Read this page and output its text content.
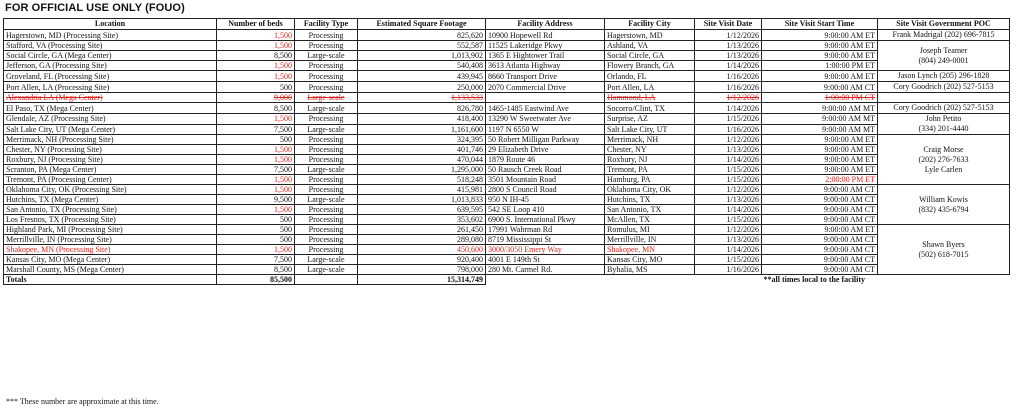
FOR OFFICIAL USE ONLY (FOUO)
Location	Number of beds	Facility Type	Estimated Square Footage	Facility Address	Facility City	Site Visit Date	Site Visit Start Time	Site Visit Government POC
Hagerstown, MD (Processing Site)	1,500	Processing	825,620	10900 Hopewell Rd	Hagerstown, MD	1/12/2026	9:00:00 AM ET	Frank Madrigal (202) 696-7815

Stafford, VA (Processing Site)	1,500	Processing	552,587	11525 Lakeridge Pkwy	Ashland, VA	1/13/2026	9:00:00 AM ET	Joseph Teamer
(804) 249-0001

Social Circle, GA (Mega Center)	8,500	Large-scale	1,013,902	1365 E Hightower Trail	Social Circle, GA	1/13/2026	9:00:00 AM ET	
Jefferson, GA (Processing Site)	1,500	Processing	540,408	3613 Atlanta Highway	Flowery Branch, GA	1/14/2026	1:00:00 PM ET	
Groveland, FL (Processing Site)	1,500	Processing	439,945	8660 Transport Drive	Orlando, FL	1/16/2026	9:00:00 AM ET	Jason Lynch (205) 296-1828

Port Allen, LA (Processing Site)	500	Processing	250,000	2070 Commercial Drive	Port Allen, LA	1/16/2026	9:00:00 AM CT	Cory Goodrich (202) 527-5153

Alexandria LA (Mega Center)	9,000	Large-scale	1,133,533		Hammond, LA	1/12/2026	1:00:00 PM CT	
El Paso, TX (Mega Center)	8,500	Large-scale	826,780	1465-1485 Eastwind Ave	Socorro/Clint, TX	1/14/2026	9:00:00 AM MT	Cory Goodrich (202) 527-5153

Glendale, AZ (Processing Site)	1,500	Processing	418,400	13290 W Sweetwater Ave	Surprise, AZ	1/15/2026	9:00:00 AM MT	John Petito
(334) 201-4440

Salt Lake City, UT (Mega Center)	7,500	Large-scale	1,161,600	1197 N 6550 W	Salt Lake City, UT	1/16/2026	9:00:00 AM MT	
Merrimack, NH (Processing Site)	500	Processing	324,395	50 Robert Milligan Parkway	Merrimack, NH	1/12/2026	9:00:00 AM ET	Craig Morse
(202) 276-7633
Lyle Carlen

Chester, NY (Processing Site)	1,500	Processing	401,746	29 Elizabeth Drive	Chester, NY	1/13/2026	9:00:00 AM ET	
Roxbury, NJ (Processing Site)	1,500	Processing	470,044	1879 Route 46	Roxbury, NJ	1/14/2026	9:00:00 AM ET	
Scranton, PA (Mega Center)	7,500	Large-scale	1,295,000	50 Rausch Creek Road	Tremont, PA	1/15/2026	9:00:00 AM ET	
Tremont, PA (Processing Center)	1,500	Processing	518,248	3501 Mountain Road	Hamburg, PA	1/15/2026	2:00:00 PM ET	
Oklahoma City, OK (Processing Site)	1,500	Processing	415,981	2800 S Council Road	Oklahoma City, OK	1/12/2026	9:00:00 AM CT	William Kowis
(832) 435-6794

Hutchins, TX (Mega Center)	9,500	Large-scale	1,013,833	950 N IH-45	Hutchins, TX	1/13/2026	9:00:00 AM CT	
San Antonio, TX (Processing Site)	1,500	Processing	639,595	542 SE Loop 410	San Antonio, TX	1/14/2026	9:00:00 AM CT	
Los Fresnos, TX (Processing Site)	500	Processing	353,602	6900 S. International Pkwy	McAllen, TX	1/15/2026	9:00:00 AM CT	
Highland Park, MI (Processing Site)	500	Processing	261,450	17991 Wahrman Rd	Romulus, MI	1/12/2026	9:00:00 AM ET	Shawn Byers
(502) 618-7015

Merrillville, IN (Processing Site)	500	Processing	289,080	8719 Mississippi St	Merrillville, IN	1/13/2026	9:00:00 AM CT	
Shakopee, MN (Processing Site)	1,500	Processing	450,600	3000/3050 Emery Way	Shakopee, MN	1/14/2026	9:00:00 AM CT	
Kansas City, MO (Mega Center)	7,500	Large-scale	920,400	4001 E 149th St	Kansas City, MO	1/15/2026	9:00:00 AM CT	
Marshall County, MS (Mega Center)	8,500	Large-scale	798,000	280 Mt. Carmel Rd.	Byhalia, MS	1/16/2026	9:00:00 AM CT	
Totals	85,500		15,314,749				**all times local to the facility	
*** These number are approximate at this time.
